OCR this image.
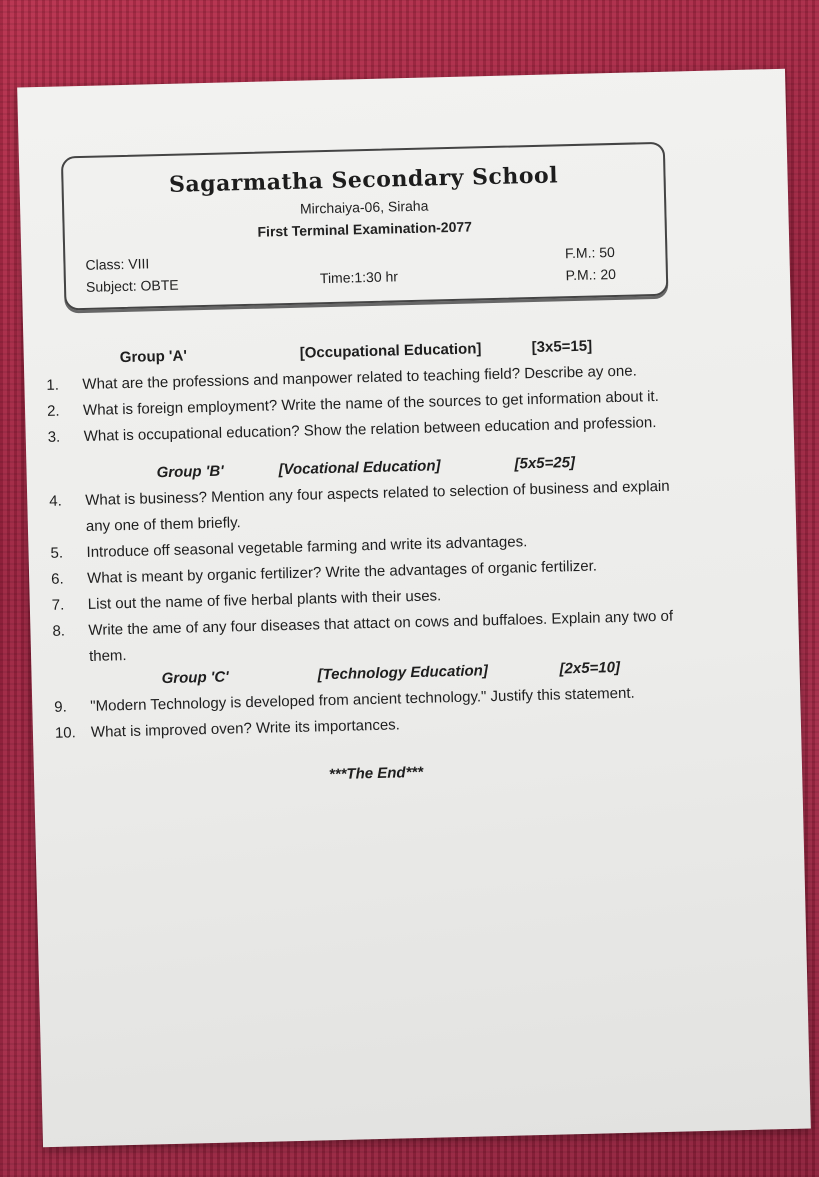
Sagarmatha Secondary School
Mirchaiya-06, Siraha
First Terminal Examination-2077
Class: VIII
Subject: OBTE	Time:1:30 hr
F.M.: 50
P.M.: 20
Group 'A'	[Occupational Education]	[3x5=15]
1. What are the professions and manpower related to teaching field? Describe ay one.
2. What is foreign employment? Write the name of the sources to get information about it.
3. What is occupational education? Show the relation between education and profession.
Group 'B'	[Vocational Education]	[5x5=25]
4. What is business? Mention any four aspects related to selection of business and explain any one of them briefly.
5. Introduce off seasonal vegetable farming and write its advantages.
6. What is meant by organic fertilizer? Write the advantages of organic fertilizer.
7. List out the name of five herbal plants with their uses.
8. Write the ame of any four diseases that attact on cows and buffaloes. Explain any two of them.
Group 'C'	[Technology Education]	[2x5=10]
9. "Modern Technology is developed from ancient technology." Justify this statement.
10. What is improved oven? Write its importances.
***The End***
